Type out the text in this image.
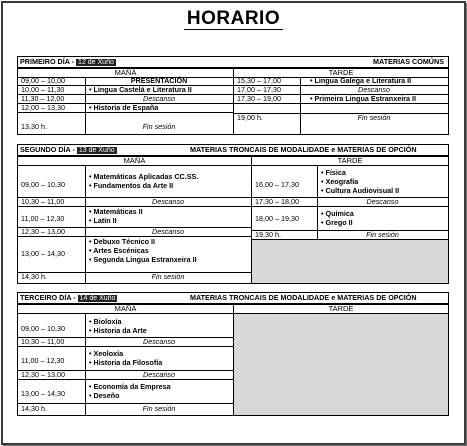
HORARIO
PRIMEIRO DÍA - 12 de Xuño	MATERIAS COMÚNS
MAÑÁ	TARDE
09,00 – 10,00	PRESENTACIÓN
10,00 – 11,30	• Lingua Castelá e Literatura II
11,30 – 12,00	Descanso
12,00 – 13,30	• Historia de España
13,30 h.	Fin sesión
15,30 – 17,00	• Lingua Galega e Literatura II
17,00 – 17,30	Descanso
17,30 – 19,00	• Primeira Lingua Estranxeira II
19,00 h.	Fin sesión
SEGUNDO DÍA - 13 de Xuño	MATERIAS TRONCAIS DE MODALIDADE e MATERIAS DE OPCIÓN
MAÑÁ	TARDE
09,00 – 10,30
• Matemáticas Aplicadas CC.SS.
• Fundamentos da Arte II
10,30 – 11,00	Descanso
11,00 – 12,30
• Matemáticas II
• Latín II
12,30 – 13,00	Descanso
13,00 – 14,30
• Debuxo Técnico II
• Artes Escénicas
• Segunda Lingua Estranxeira II
14,30 h.	Fin sesión
16,00 – 17,30
• Física
• Xeografía
• Cultura Audiovisual II
17,30 – 18,00	Descanso
18,00 – 19,30
• Química
• Grego II
19,30 h.	Fin sesión
TERCEIRO DÍA - 14 de Xuño	MATERIAS TRONCAIS DE MODALIDADE e MATERIAS DE OPCIÓN
MAÑÁ	TARDE
09,00 – 10,30
• Bioloxía
• Historia da Arte
10,30 – 11,00	Descanso
11,00 – 12,30
• Xeoloxía
• Historia da Filosofía
12,30 – 13,00	Descanso
13,00 – 14,30
• Economía da Empresa
• Deseño
14,30 h.	Fin sesión
